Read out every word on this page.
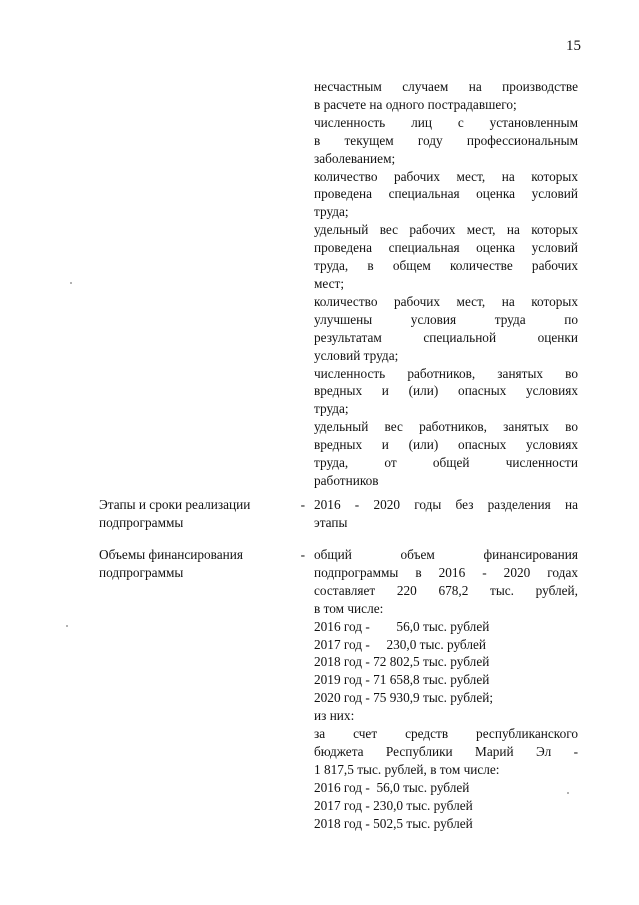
15
несчастным случаем на производстве
в расчете на одного пострадавшего;
численность лиц с установленным
в текущем году профессиональным
заболеванием;
количество рабочих мест, на которых
проведена специальная оценка условий
труда;
удельный вес рабочих мест, на которых
проведена специальная оценка условий
труда, в общем количестве рабочих
мест;
количество рабочих мест, на которых
улучшены условия труда по
результатам специальной оценки
условий труда;
численность работников, занятых во
вредных и (или) опасных условиях
труда;
удельный вес работников, занятых во
вредных и (или) опасных условиях
труда, от общей численности
работников
Этапы и сроки реализации	-
подпрограммы
2016 - 2020 годы без разделения на
этапы
Объемы финансирования	-
подпрограммы
общий объем финансирования
подпрограммы в 2016 - 2020 годах
составляет 220 678,2 тыс. рублей,
в том числе:
2016 год -        56,0 тыс. рублей
2017 год -     230,0 тыс. рублей
2018 год - 72 802,5 тыс. рублей
2019 год - 71 658,8 тыс. рублей
2020 год - 75 930,9 тыс. рублей;
из них:
за счет средств республиканского
бюджета Республики Марий Эл -
1 817,5 тыс. рублей, в том числе:
2016 год -  56,0 тыс. рублей
2017 год - 230,0 тыс. рублей
2018 год - 502,5 тыс. рублей
